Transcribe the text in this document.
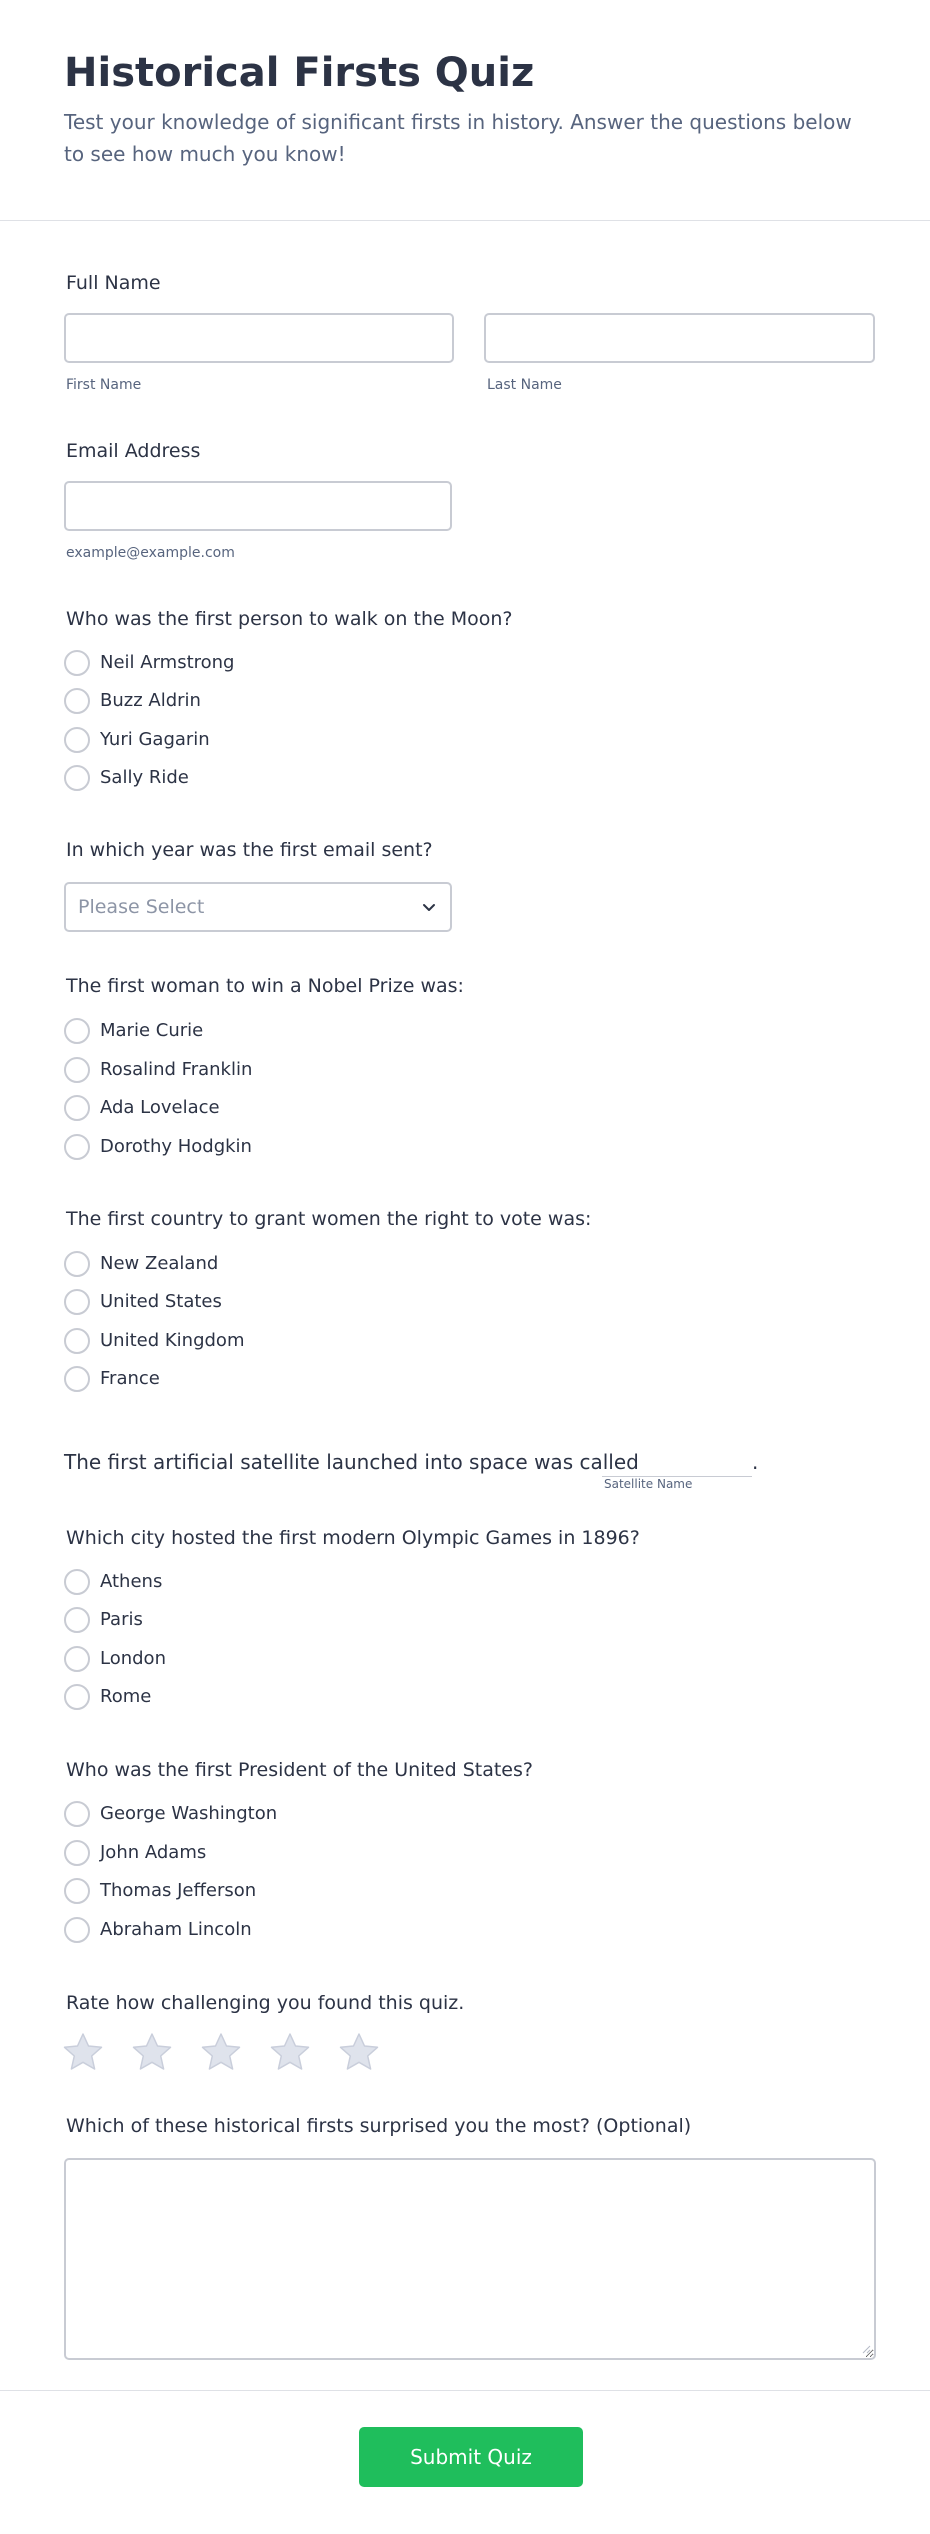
Historical Firsts Quiz
Test your knowledge of significant firsts in history. Answer the questions below to see how much you know!
Full Name
First Name	Last Name
Email Address
example@example.com
Who was the first person to walk on the Moon?
Neil Armstrong
Buzz Aldrin
Yuri Gagarin
Sally Ride
In which year was the first email sent?
Please Select
The first woman to win a Nobel Prize was:
Marie Curie
Rosalind Franklin
Ada Lovelace
Dorothy Hodgkin
The first country to grant women the right to vote was:
New Zealand
United States
United Kingdom
France
The first artificial satellite launched into space was called	.
Satellite Name
Which city hosted the first modern Olympic Games in 1896?
Athens
Paris
London
Rome
Who was the first President of the United States?
George Washington
John Adams
Thomas Jefferson
Abraham Lincoln
Rate how challenging you found this quiz.
Which of these historical firsts surprised you the most? (Optional)
Submit Quiz
